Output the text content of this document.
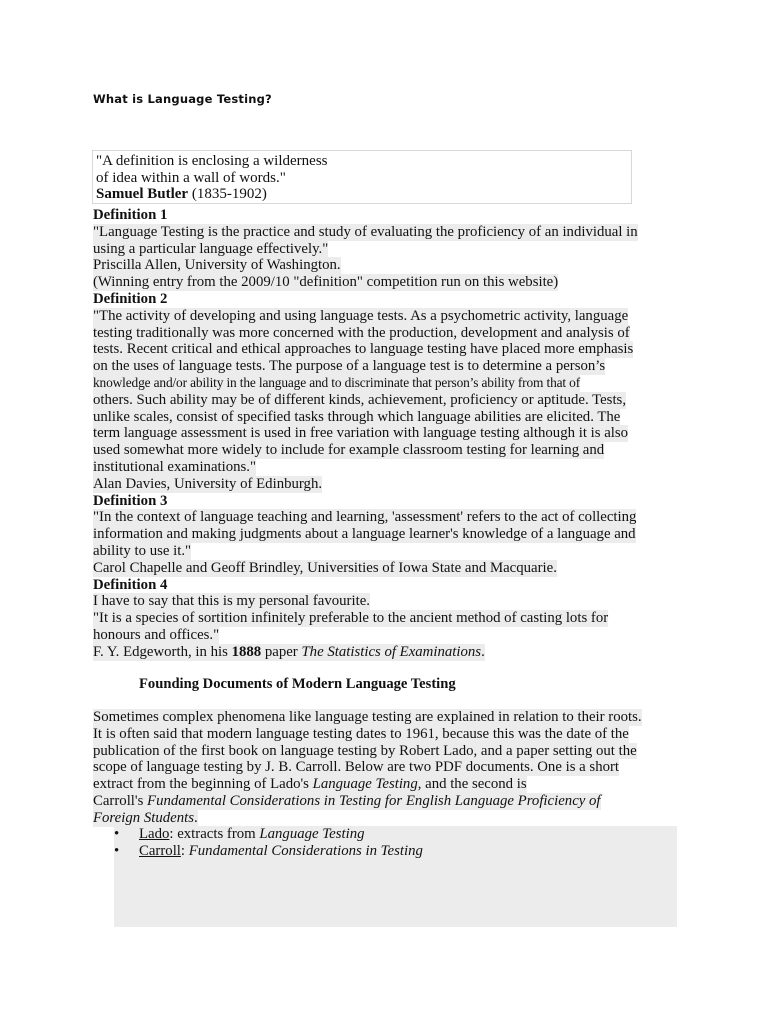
What is Language Testing?
"A definition is enclosing a wilderness
of idea within a wall of words."
Samuel Butler (1835-1902)
Definition 1
"Language Testing is the practice and study of evaluating the proficiency of an individual in
using a particular language effectively."
Priscilla Allen, University of Washington.
(Winning entry from the 2009/10 "definition" competition run on this website)
Definition 2
"The activity of developing and using language tests. As a psychometric activity, language
testing traditionally was more concerned with the production, development and analysis of
tests. Recent critical and ethical approaches to language testing have placed more emphasis
on the uses of language tests. The purpose of a language test is to determine a person’s
knowledge and/or ability in the language and to discriminate that person’s ability from that of
others. Such ability may be of different kinds, achievement, proficiency or aptitude. Tests,
unlike scales, consist of specified tasks through which language abilities are elicited. The
term language assessment is used in free variation with language testing although it is also
used somewhat more widely to include for example classroom testing for learning and
institutional examinations."
Alan Davies, University of Edinburgh.
Definition 3
"In the context of language teaching and learning, 'assessment' refers to the act of collecting
information and making judgments about a language learner's knowledge of a language and
ability to use it."
Carol Chapelle and Geoff Brindley, Universities of Iowa State and Macquarie.
Definition 4
I have to say that this is my personal favourite.
"It is a species of sortition infinitely preferable to the ancient method of casting lots for
honours and offices."
F. Y. Edgeworth, in his 1888 paper The Statistics of Examinations.
Founding Documents of Modern Language Testing
Sometimes complex phenomena like language testing are explained in relation to their roots.
It is often said that modern language testing dates to 1961, because this was the date of the
publication of the first book on language testing by Robert Lado, and a paper setting out the
scope of language testing by J. B. Carroll. Below are two PDF documents. One is a short
extract from the beginning of Lado's Language Testing, and the second is
Carroll's Fundamental Considerations in Testing for English Language Proficiency of
Foreign Students.
• Lado: extracts from Language Testing
• Carroll: Fundamental Considerations in Testing
